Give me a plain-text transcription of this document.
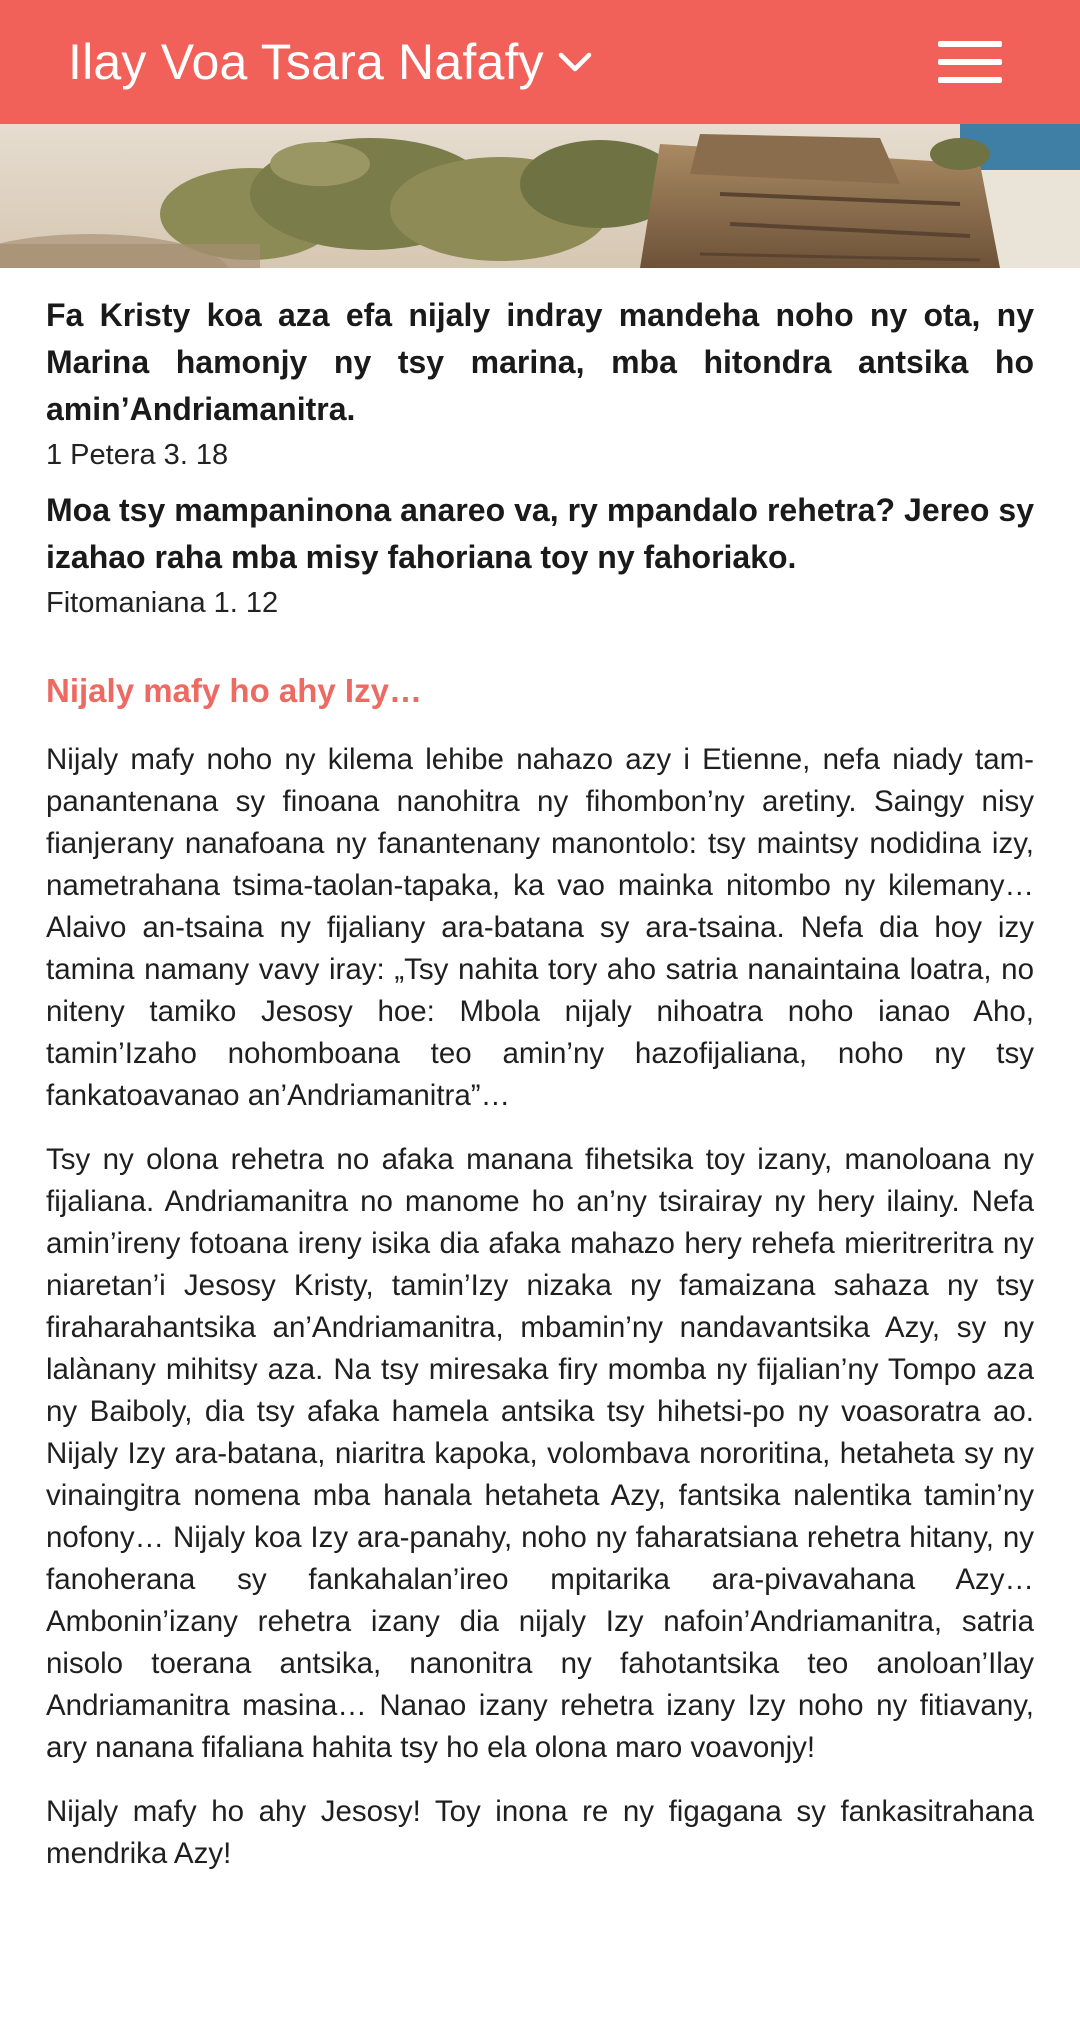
Ilay Voa Tsara Nafafy

Fa Kristy koa aza efa nijaly indray mandeha noho ny ota, ny Marina hamonjy ny tsy marina, mba hitondra antsika ho amin’Andriamanitra.

1 Petera 3. 18

Moa tsy mampaninona anareo va, ry mpandalo rehetra? Jereo sy izahao raha mba misy fahoriana toy ny fahoriako.

Fitomaniana 1. 12
Nijaly mafy ho ahy Izy…

Nijaly mafy noho ny kilema lehibe nahazo azy i Etienne, nefa niady tam-panantenana sy finoana nanohitra ny fihombon’ny aretiny. Saingy nisy fianjerany nanafoana ny fanantenany manontolo: tsy maintsy nodidina izy, nametrahana tsima-taolan-tapaka, ka vao mainka nitombo ny kilemany… Alaivo an-tsaina ny fijaliany ara-batana sy ara-tsaina. Nefa dia hoy izy tamina namany vavy iray: „Tsy nahita tory aho satria nanaintaina loatra, no niteny tamiko Jesosy hoe: Mbola nijaly nihoatra noho ianao Aho, tamin’Izaho nohomboana teo amin’ny hazofijaliana, noho ny tsy fankatoavanao an’Andriamanitra”…

Tsy ny olona rehetra no afaka manana fihetsika toy izany, manoloana ny fijaliana. Andriamanitra no manome ho an’ny tsirairay ny hery ilainy. Nefa amin’ireny fotoana ireny isika dia afaka mahazo hery rehefa mieritreritra ny niaretan’i Jesosy Kristy, tamin’Izy nizaka ny famaizana sahaza ny tsy firaharahantsika an’Andriamanitra, mbamin’ny nandavantsika Azy, sy ny lalànany mihitsy aza. Na tsy miresaka firy momba ny fijalian’ny Tompo aza ny Baiboly, dia tsy afaka hamela antsika tsy hihetsi-po ny voasoratra ao. Nijaly Izy ara-batana, niaritra kapoka, volombava nororitina, hetaheta sy ny vinaingitra nomena mba hanala hetaheta Azy, fantsika nalentika tamin’ny nofony… Nijaly koa Izy ara-panahy, noho ny faharatsiana rehetra hitany, ny fanoherana sy fankahalan’ireo mpitarika ara-pivavahana Azy… Ambonin’izany rehetra izany dia nijaly Izy nafoin’Andriamanitra, satria nisolo toerana antsika, nanonitra ny fahotantsika teo anoloan’Ilay Andriamanitra masina… Nanao izany rehetra izany Izy noho ny fitiavany, ary nanana fifaliana hahita tsy ho ela olona maro voavonjy!

Nijaly mafy ho ahy Jesosy! Toy inona re ny figagana sy fankasitrahana mendrika Azy!
